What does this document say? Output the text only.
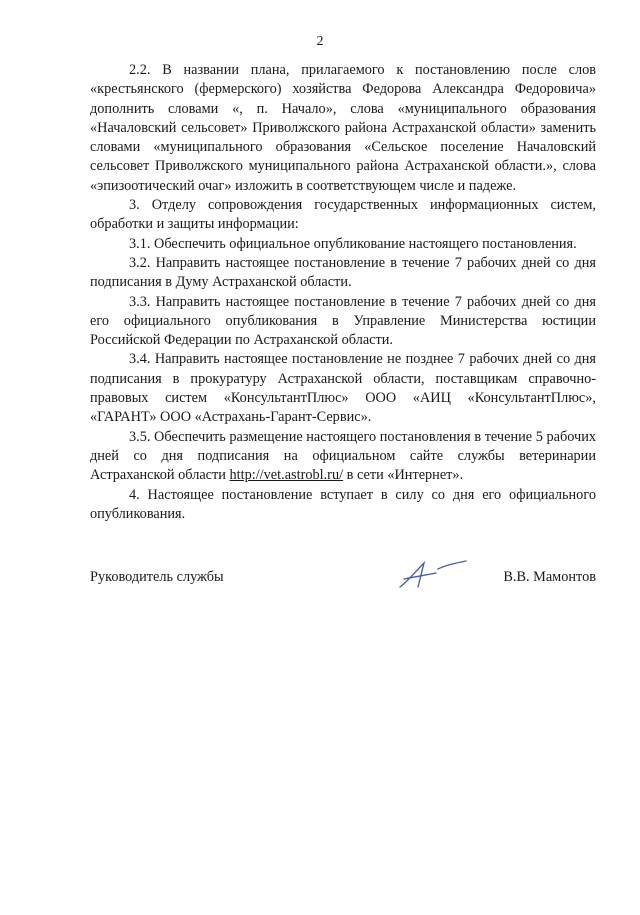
2

2.2. В названии плана, прилагаемого к постановлению после слов «крестьянского (фермерского) хозяйства Федорова Александра Федоровича» дополнить словами «, п. Начало», слова «муниципального образования «Началовский сельсовет» Приволжского района Астраханской области» заменить словами «муниципального образования «Сельское поселение Началовский сельсовет Приволжского муниципального района Астраханской области.», слова «эпизоотический очаг» изложить в соответствующем числе и падеже.

3. Отделу сопровождения государственных информационных систем, обработки и защиты информации:

3.1. Обеспечить официальное опубликование настоящего постановления.

3.2. Направить настоящее постановление в течение 7 рабочих дней со дня подписания в Думу Астраханской области.

3.3. Направить настоящее постановление в течение 7 рабочих дней со дня его официального опубликования в Управление Министерства юстиции Российской Федерации по Астраханской области.

3.4. Направить настоящее постановление не позднее 7 рабочих дней со дня подписания в прокуратуру Астраханской области, поставщикам справочно-правовых систем «КонсультантПлюс» ООО «АИЦ «КонсультантПлюс», «ГАРАНТ» ООО «Астрахань-Гарант-Сервис».

3.5. Обеспечить размещение настоящего постановления в течение 5 рабочих дней со дня подписания на официальном сайте службы ветеринарии Астраханской области http://vet.astrobl.ru/ в сети «Интернет».

4. Настоящее постановление вступает в силу со дня его официального опубликования.

Руководитель службы	В.В. Мамонтов
